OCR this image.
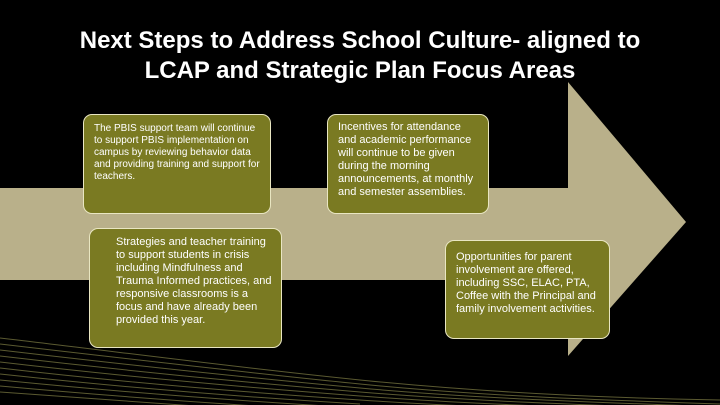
Next Steps to Address School Culture- aligned to
LCAP and Strategic Plan Focus Areas
The PBIS support team will continue to support PBIS implementation on campus by reviewing behavior data and providing training and support for teachers.
Incentives for attendance and academic performance will continue to be given during the morning announcements, at monthly and semester assemblies.
Strategies and teacher training to support students in crisis including Mindfulness and Trauma Informed practices, and responsive classrooms is a focus and have already been provided this year.
Opportunities for parent involvement are offered, including SSC, ELAC, PTA, Coffee with the Principal and family involvement activities.
